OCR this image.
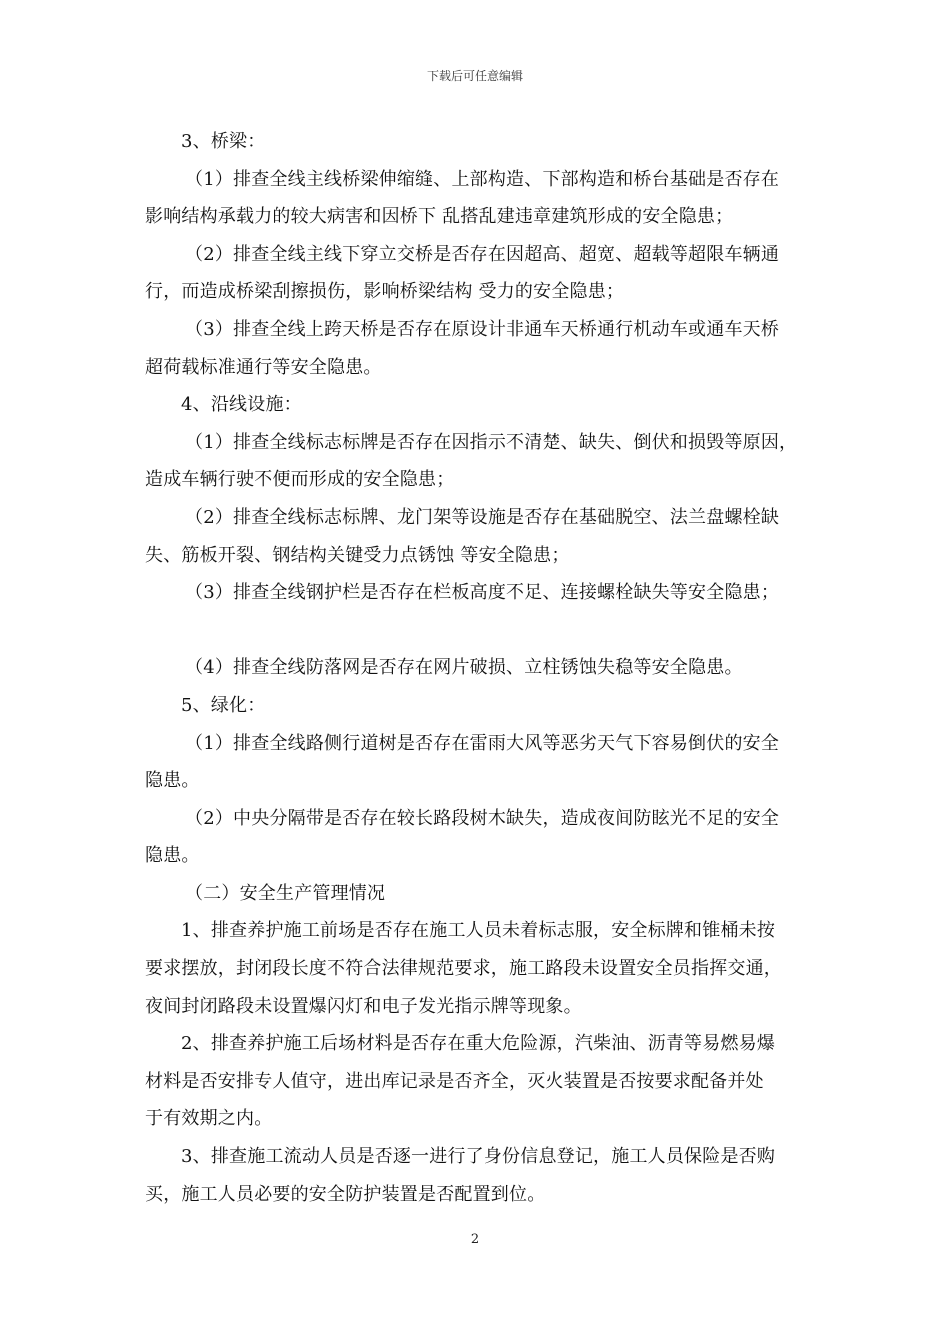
下载后可任意编辑
3、桥梁：
（1）排查全线主线桥梁伸缩缝、上部构造、下部构造和桥台基础是否存在
影响结构承载力的较大病害和因桥下 乱搭乱建违章建筑形成的安全隐患；
（2）排查全线主线下穿立交桥是否存在因超高、超宽、超载等超限车辆通
行，而造成桥梁刮擦损伤，影响桥梁结构 受力的安全隐患；
（3）排查全线上跨天桥是否存在原设计非通车天桥通行机动车或通车天桥
超荷载标准通行等安全隐患。
4、沿线设施：
（1）排查全线标志标牌是否存在因指示不清楚、缺失、倒伏和损毁等原因，
造成车辆行驶不便而形成的安全隐患；
（2）排查全线标志标牌、龙门架等设施是否存在基础脱空、法兰盘螺栓缺
失、筋板开裂、钢结构关键受力点锈蚀 等安全隐患；
（3）排查全线钢护栏是否存在栏板高度不足、连接螺栓缺失等安全隐患；
（4）排查全线防落网是否存在网片破损、立柱锈蚀失稳等安全隐患。
5、绿化：
（1）排查全线路侧行道树是否存在雷雨大风等恶劣天气下容易倒伏的安全
隐患。
（2）中央分隔带是否存在较长路段树木缺失，造成夜间防眩光不足的安全
隐患。
（二）安全生产管理情况
1、排查养护施工前场是否存在施工人员未着标志服，安全标牌和锥桶未按
要求摆放，封闭段长度不符合法律规范要求，施工路段未设置安全员指挥交通，
夜间封闭路段未设置爆闪灯和电子发光指示牌等现象。
2、排查养护施工后场材料是否存在重大危险源，汽柴油、沥青等易燃易爆
材料是否安排专人值守，进出库记录是否齐全，灭火装置是否按要求配备并处
于有效期之内。
3、排查施工流动人员是否逐一进行了身份信息登记，施工人员保险是否购
买，施工人员必要的安全防护装置是否配置到位。
2
